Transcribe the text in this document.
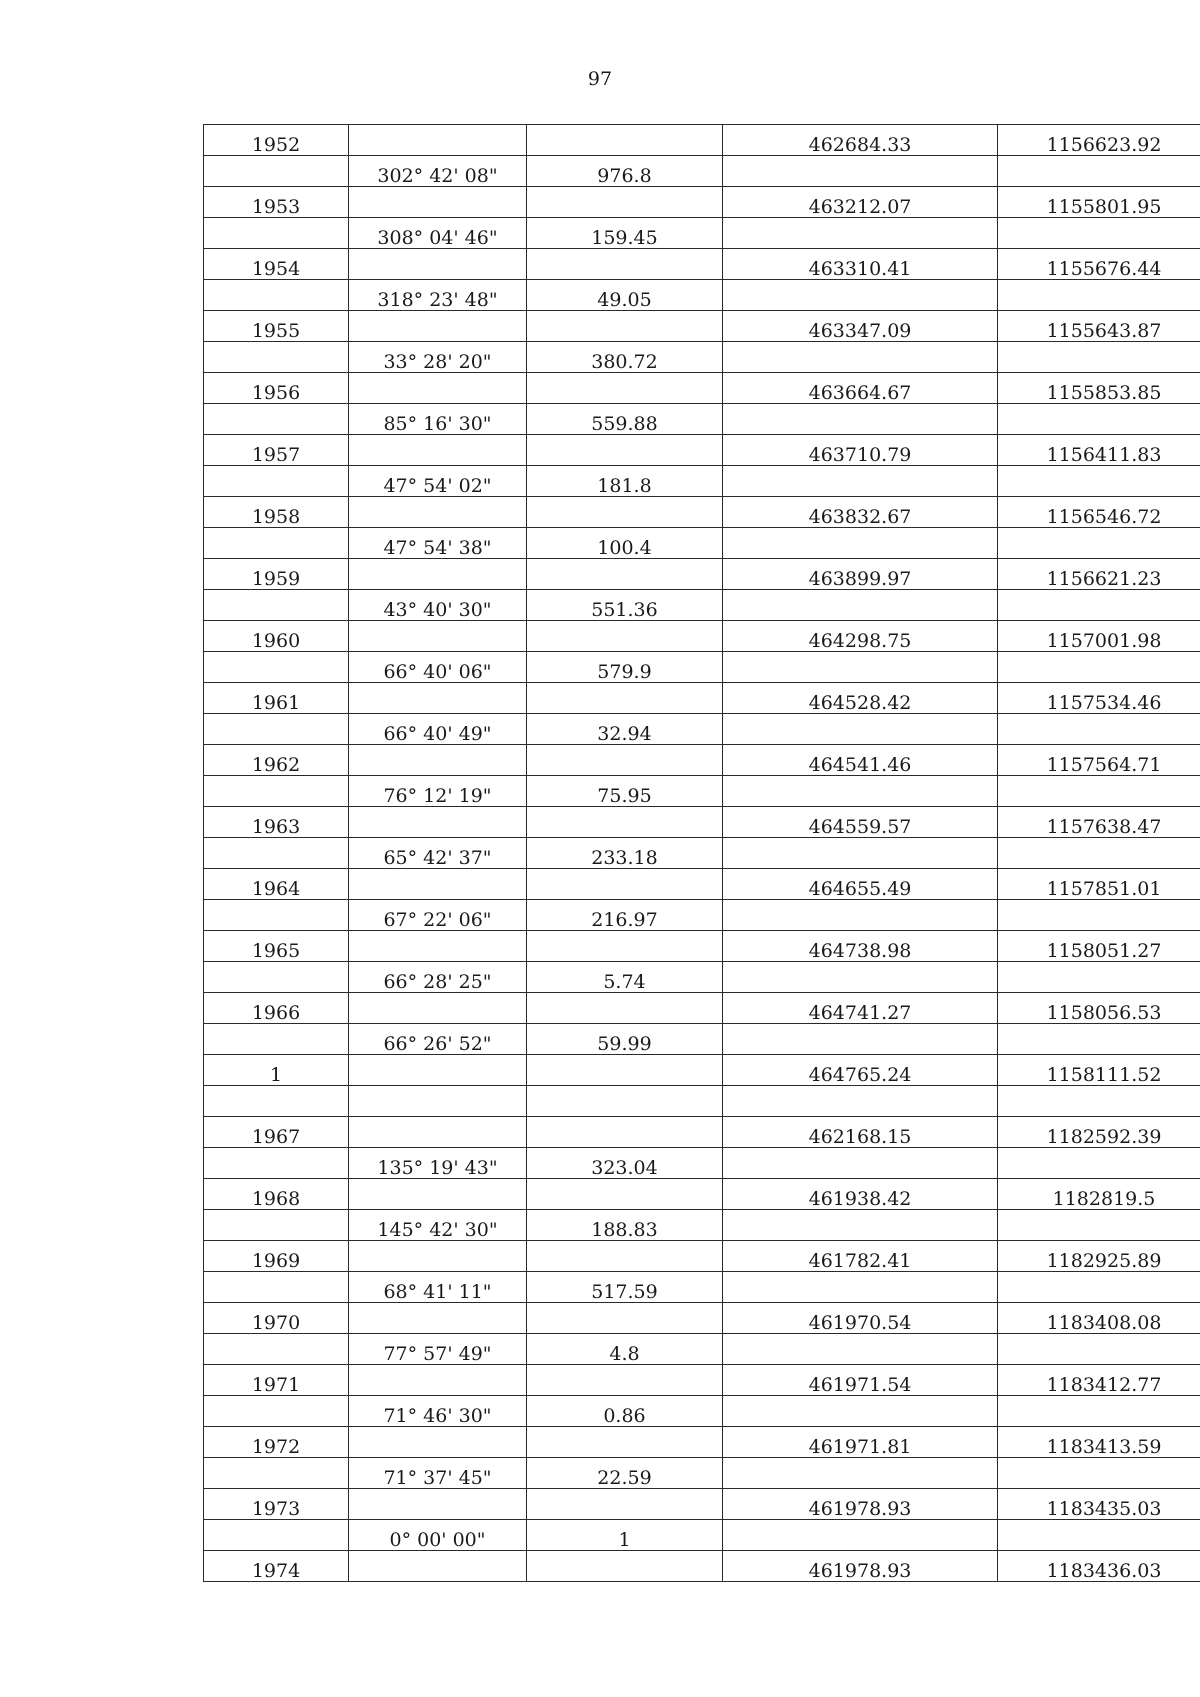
97
1952			462684.33	1156623.92
	302° 42' 08"	976.8		
1953			463212.07	1155801.95
	308° 04' 46"	159.45		
1954			463310.41	1155676.44
	318° 23' 48"	49.05		
1955			463347.09	1155643.87
	33° 28' 20"	380.72		
1956			463664.67	1155853.85
	85° 16' 30"	559.88		
1957			463710.79	1156411.83
	47° 54' 02"	181.8		
1958			463832.67	1156546.72
	47° 54' 38"	100.4		
1959			463899.97	1156621.23
	43° 40' 30"	551.36		
1960			464298.75	1157001.98
	66° 40' 06"	579.9		
1961			464528.42	1157534.46
	66° 40' 49"	32.94		
1962			464541.46	1157564.71
	76° 12' 19"	75.95		
1963			464559.57	1157638.47
	65° 42' 37"	233.18		
1964			464655.49	1157851.01
	67° 22' 06"	216.97		
1965			464738.98	1158051.27
	66° 28' 25"	5.74		
1966			464741.27	1158056.53
	66° 26' 52"	59.99		
1			464765.24	1158111.52

1967			462168.15	1182592.39
	135° 19' 43"	323.04		
1968			461938.42	1182819.5
	145° 42' 30"	188.83		
1969			461782.41	1182925.89
	68° 41' 11"	517.59		
1970			461970.54	1183408.08
	77° 57' 49"	4.8		
1971			461971.54	1183412.77
	71° 46' 30"	0.86		
1972			461971.81	1183413.59
	71° 37' 45"	22.59		
1973			461978.93	1183435.03
	0° 00' 00"	1		
1974			461978.93	1183436.03
